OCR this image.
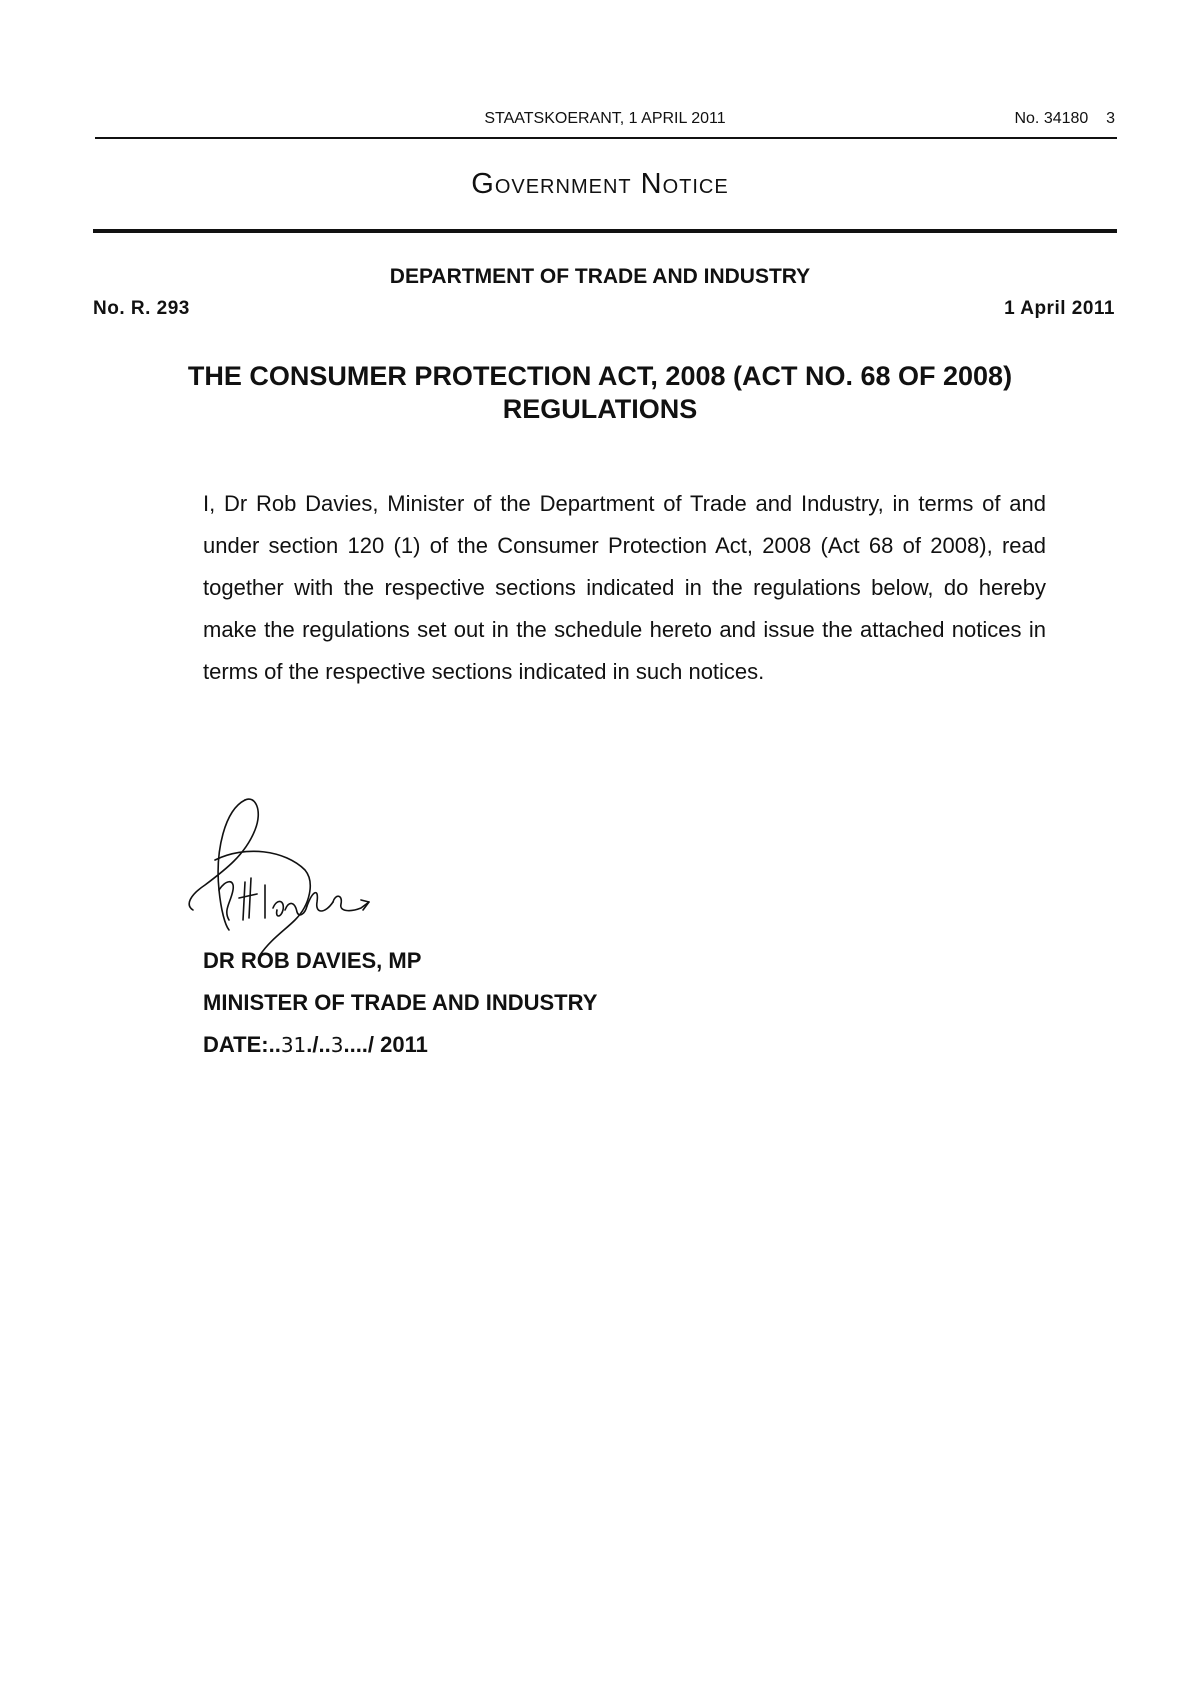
STAATSKOERANT, 1 APRIL 2011	No. 34180 3
Government Notice
DEPARTMENT OF TRADE AND INDUSTRY
No. R. 293	1 April 2011
THE CONSUMER PROTECTION ACT, 2008 (ACT NO. 68 OF 2008)
REGULATIONS
I, Dr Rob Davies, Minister of the Department of Trade and Industry, in terms of and under section 120 (1) of the Consumer Protection Act, 2008 (Act 68 of 2008), read together with the respective sections indicated in the regulations below, do hereby make the regulations set out in the schedule hereto and issue the attached notices in terms of the respective sections indicated in such notices.
DR ROB DAVIES, MP
MINISTER OF TRADE AND INDUSTRY
DATE:..31./..3..../ 2011
